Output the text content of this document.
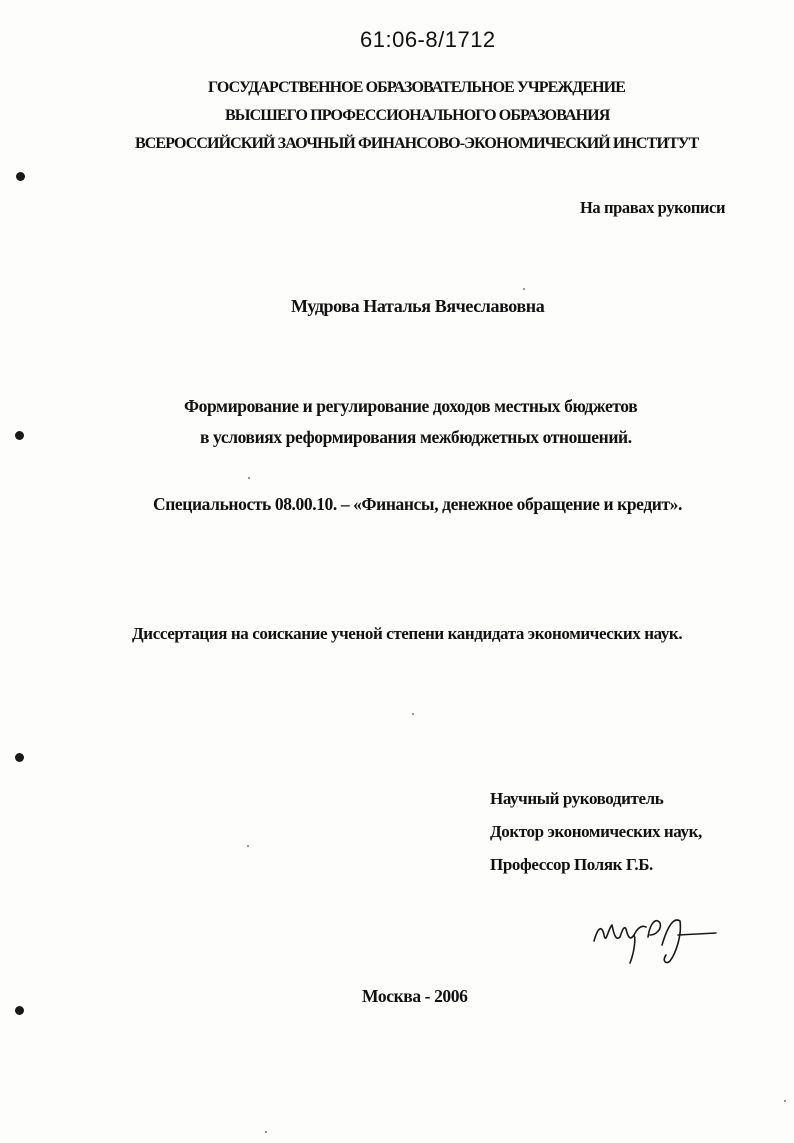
61:06-8/1712
ГОСУДАРСТВЕННОЕ ОБРАЗОВАТЕЛЬНОЕ УЧРЕЖДЕНИЕ
ВЫСШЕГО ПРОФЕССИОНАЛЬНОГО ОБРАЗОВАНИЯ
ВСЕРОССИЙСКИЙ ЗАОЧНЫЙ ФИНАНСОВО-ЭКОНОМИЧЕСКИЙ ИНСТИТУТ
На правах рукописи
Мудрова Наталья Вячеславовна
Формирование и регулирование доходов местных бюджетов
в условиях реформирования межбюджетных отношений.
Специальность 08.00.10. – «Финансы, денежное обращение и кредит».
Диссертация на соискание ученой степени кандидата экономических наук.
Научный руководитель
Доктор экономических наук,
Профессор Поляк Г.Б.
Москва - 2006
